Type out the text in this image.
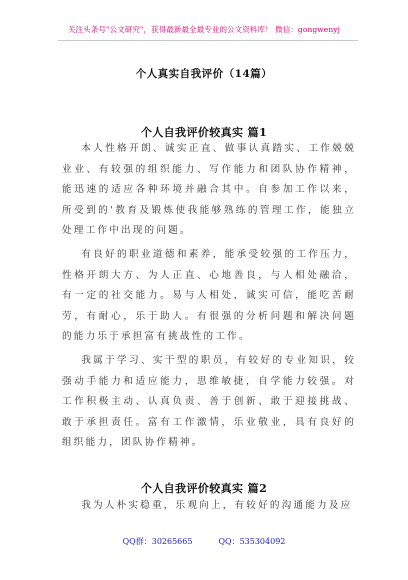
关注头条号"公文研究"，获得最新最全最专业的公文资料库！ 微信：gongwenyj
个人真实自我评价（14篇）
个人自我评价较真实 篇1

本人性格开朗、诚实正直、做事认真踏实、工作兢兢业业、有较强的组织能力、写作能力和团队协作精神，能迅速的适应各种环境并融合其中。自参加工作以来，所受到的'教育及锻炼使我能够熟练的管理工作，能独立处理工作中出现的问题。

有良好的职业道德和素养，能承受较强的工作压力，性格开朗大方、为人正直、心地善良，与人相处融洽，有一定的社交能力。易与人相处，诚实可信，能吃苦耐劳，有耐心，乐于助人。有很强的分析问题和解决问题的能力乐于承担富有挑战性的工作。

我属于学习、实干型的职员，有较好的专业知识，较强动手能力和适应能力，思维敏捷，自学能力较强。对工作积极主动、认真负责、善于创新、敢于迎接挑战、敢于承担责任。富有工作激情，乐业敬业，具有良好的组织能力，团队协作精神。

个人自我评价较真实 篇2

我为人朴实稳重，乐观向上，有较好的沟通能力及应

QQ群：30265665	QQ：535304092
